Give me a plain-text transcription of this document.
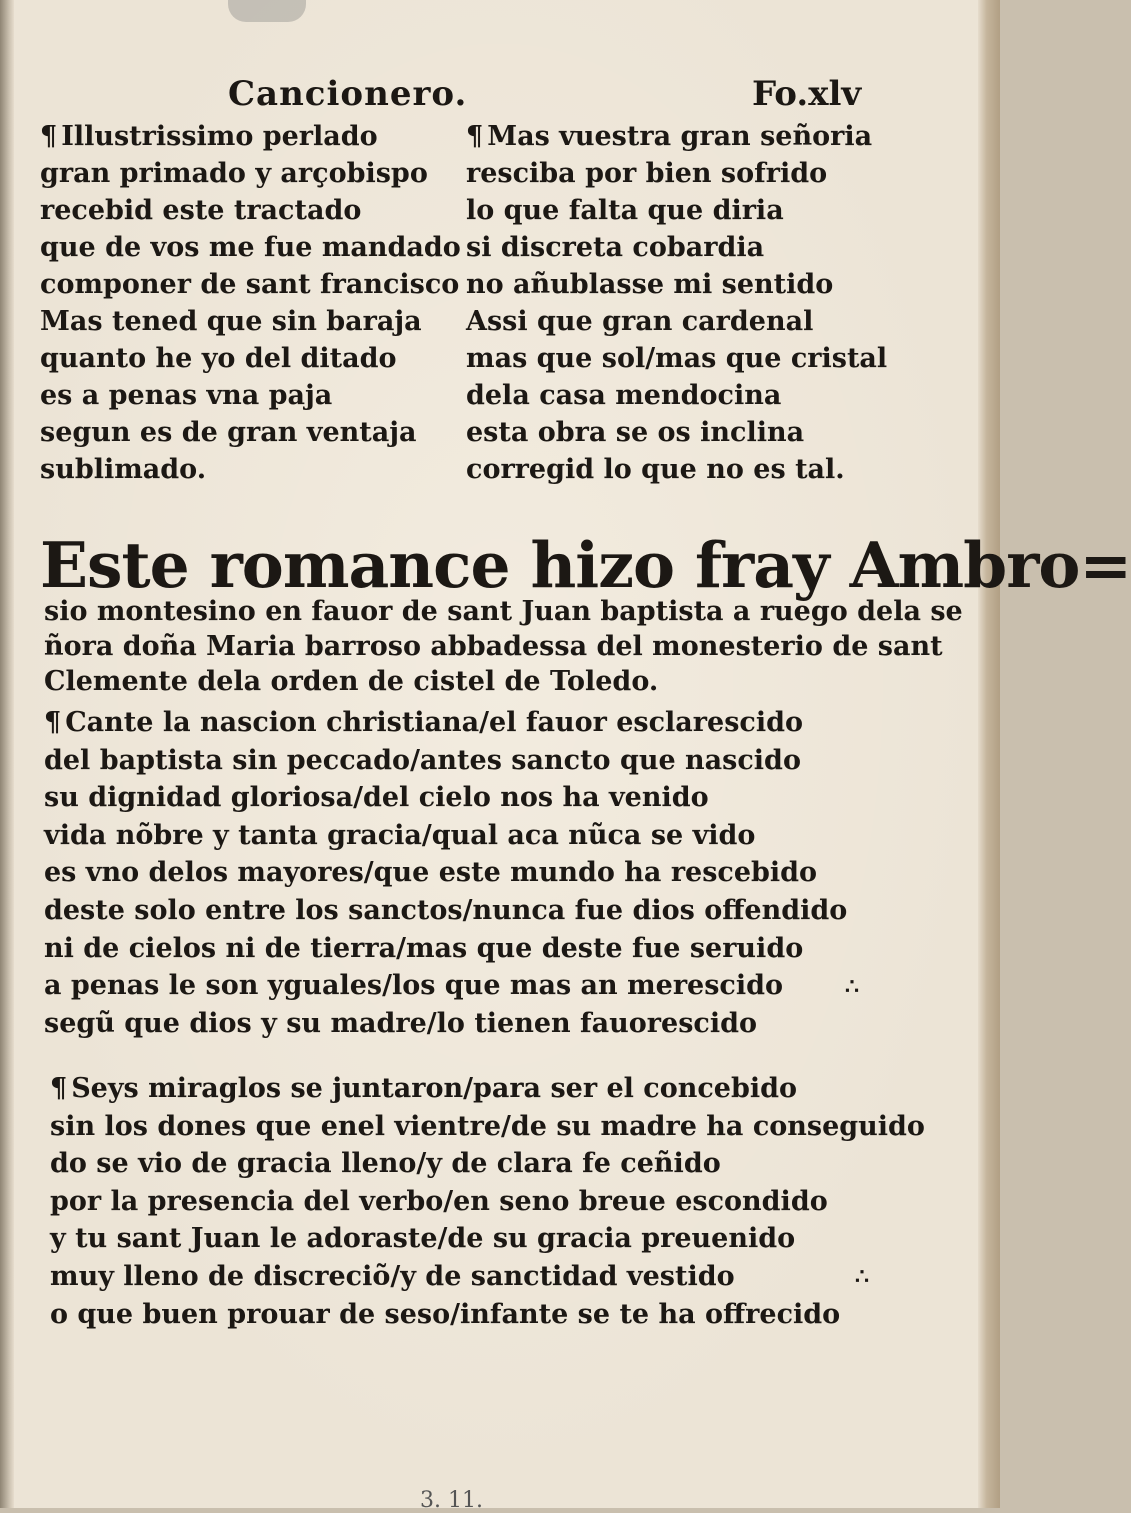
Cancionero.	Fo.xlv
¶ Illustrissimo perlado
gran primado y arçobispo
recebid este tractado
que de vos me fue mandado
componer de sant francisco
Mas tened que sin baraja
quanto he yo del ditado
es a penas vna paja
segun es de gran ventaja
sublimado.
¶ Mas vuestra gran señoria
resciba por bien sofrido
lo que falta que diria
si discreta cobardia
no añublasse mi sentido
Assi que gran cardenal
mas que sol/mas que cristal
dela casa mendocina
esta obra se os inclina
corregid lo que no es tal.
Este romance hizo fray Ambro=
sio montesino en fauor de sant Juan baptista a ruego dela se
ñora doña Maria barroso abbadessa del monesterio de sant
Clemente dela orden de cistel de Toledo.
¶ Cante la nascion christiana/el fauor esclarescido
del baptista sin peccado/antes sancto que nascido
su dignidad gloriosa/del cielo nos ha venido
vida nõbre y tanta gracia/qual aca nũca se vido
es vno delos mayores/que este mundo ha rescebido
deste solo entre los sanctos/nunca fue dios offendido
ni de cielos ni de tierra/mas que deste fue seruido
a penas le son yguales/los que mas an merescido
segũ que dios y su madre/lo tienen fauorescido
∴
¶ Seys miraglos se juntaron/para ser el concebido
sin los dones que enel vientre/de su madre ha conseguido
do se vio de gracia lleno/y de clara fe ceñido
por la presencia del verbo/en seno breue escondido
y tu sant Juan le adoraste/de su gracia preuenido
muy lleno de discreciõ/y de sanctidad vestido
o que buen prouar de seso/infante se te ha offrecido
∴
3. 11.
